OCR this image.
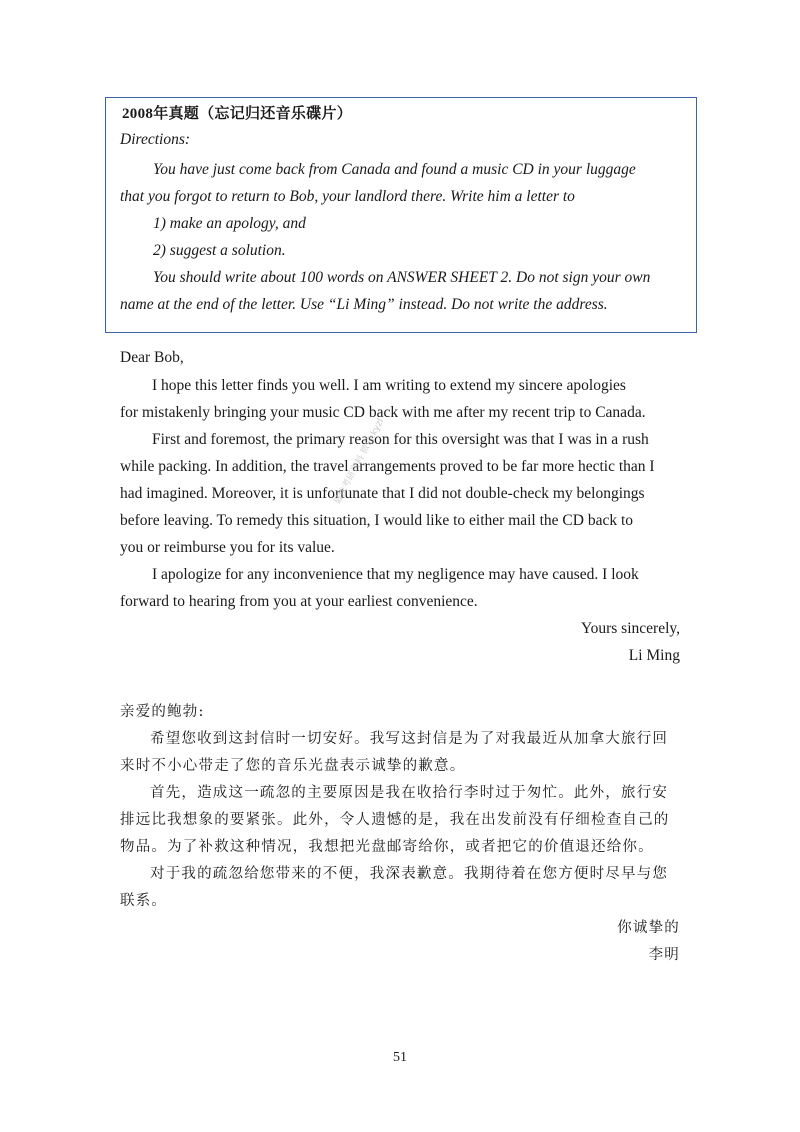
2008年真题（忘记归还音乐碟片）
Directions:
You have just come back from Canada and found a music CD in your luggage
that you forgot to return to Bob, your landlord there. Write him a letter to
1) make an apology, and
2) suggest a solution.
You should write about 100 words on ANSWER SHEET 2. Do not sign your own
name at the end of the letter. Use “Li Ming” instead. Do not write the address.
Dear Bob,
I hope this letter finds you well. I am writing to extend my sincere apologies
for mistakenly bringing your music CD back with me after my recent trip to Canada.
First and foremost, the primary reason for this oversight was that I was in a rush
while packing. In addition, the travel arrangements proved to be far more hectic than I
had imagined. Moreover, it is unfortunate that I did not double-check my belongings
before leaving. To remedy this situation, I would like to either mail the CD back to
you or reimburse you for its value.
I apologize for any inconvenience that my negligence may have caused. I look
forward to hearing from you at your earliest convenience.
Yours sincerely,
Li Ming
亲爱的鲍勃:
希望您收到这封信时一切安好。我写这封信是为了对我最近从加拿大旅行回
来时不小心带走了您的音乐光盘表示诚挚的歉意。
首先，造成这一疏忽的主要原因是我在收拾行李时过于匆忙。此外，旅行安
排远比我想象的要紧张。此外，令人遗憾的是，我在出发前没有仔细检查自己的
物品。为了补救这种情况，我想把光盘邮寄给你，或者把它的价值退还给你。
对于我的疏忽给您带来的不便，我深表歉意。我期待着在您方便时尽早与您
联系。
你诚挚的
李明
最快考研资料 微信:kyzl
51
